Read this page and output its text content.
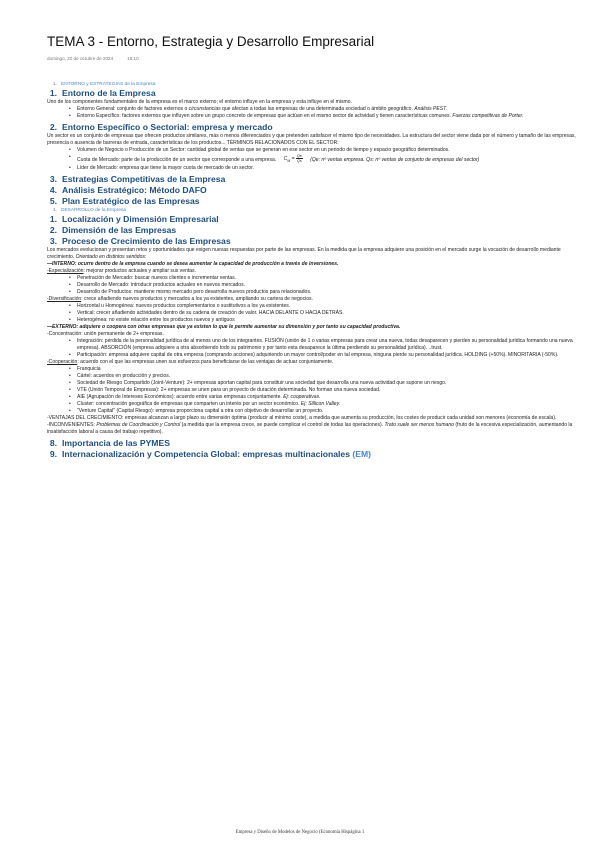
TEMA 3 - Entorno, Estrategia y Desarrollo Empresarial
domingo, 20 de octubre de 2024	15:10

1. ENTORNO y ESTRATEGIAS de la Empresa

1. Entorno de la Empresa

Uno de los componentes fundamentales de la empresa es el marco externo; el entorno influye en la empresa y esta influye en el mismo.

• Entorno General: conjunto de factores externos o circunstancias que afectan a todas las empresas de una determinada sociedad o ámbito geográfico. Análisis PEST.

• Entorno Específico: factores externos que influyen sobre un grupo concreto de empresas que actúan en el mismo sector de actividad y tienen características comunes. Fuerzas competitivas de Porter.

2. Entorno Específico o Sectorial: empresa y mercado

Un sector es un conjunto de empresas que ofrecen productos similares, más o menos diferenciados y que pretenden satisfacer el mismo tipo de necesidades. La estructura del sector viene dada por el número y tamaño de las empresas, presencia o ausencia de barreras de entrada, características de los productos... TÉRMINOS RELACIONADOS CON EL SECTOR:

• Volumen de Negocio o Producción de un Sector: cantidad global de ventas que se generan en ese sector en un periodo de tiempo y espacio geográfico determinados.

• Cuota de Mercado: parte de la producción de un sector que corresponde a una empresa. $C_M = \frac{Qe}{Qs} (Qe$: nº ventas empresa. Qs: nº ventas de conjunto de empresas del sector)

• Líder de Mercado: empresa que tiene la mayor cuota de mercado de un sector.

3. Estrategias Competitivas de la Empresa
4. Análisis Estratégico: Método DAFO
5. Plan Estratégico de las Empresas

1. DESARROLLO de la Empresa

1. Localización y Dimensión Empresarial
2. Dimensión de las Empresas
3. Proceso de Crecimiento de las Empresas

Los mercados evolucionan y presentan retos y oportunidades que exigen nuevas respuestas por parte de las empresas. En la medida que la empresa adquiere una posición en el mercado surge la vocación de desarrollo mediante crecimiento. Orientado en distintos sentidos:

—INTERNO: ocurre dentro de la empresa cuando se desea aumentar la capacidad de producción a través de inversiones.

-Especialización: mejorar productos actuales y ampliar sus ventas.

• Penetración de Mercado: buscar nuevos clientes e incrementar ventas.

• Desarrollo de Mercado: introducir productos actuales en nuevos mercados.

• Desarrollo de Productos: mantiene mismo mercado pero desarrolla nuevos productos para relacionados.

-Diversificación: crece añadiendo nuevos productos y mercados a los ya existentes, ampliando su cartera de negocios.

• Horizontal u Homogénea: nuevos productos complementarios o sustitutivos a los ya existentes.

• Vertical: crecer añadiendo actividades dentro de su cadena de creación de valor. HACIA DELANTE O HACIA DETRÁS.

• Heterogénea: no existe relación entre los productos nuevos y antiguos

—EXTERNO: adquiere o coopera con otras empresas que ya existen lo que le permite aumentar su dimensión y por tanto su capacidad productiva.

-Concentración: unión permanente de 2+ empresas.

• Integración: pérdida de la personalidad jurídica de al menos uno de los integrantes. FUSIÓN (unión de 1 o varias empresas para crear una nueva, todas desaparecen y pierden su personalidad jurídica formando una nueva empresa). ABSORCIÓN (empresa adquiere a otra absorbiendo todo su patrimonio y por tanto esta desaparece la última perdiendo su personalidad jurídica). ..trust.

• Participación: empresa adquiere capital de otra empresa (comprando acciones) adquiriendo un mayor control/poder en tal empresa, ninguna pierde su personalidad jurídica. HOLDING (+50%). MINORITARIA (-50%).

-Cooperación: acuerdo con el que las empresas unen sus esfuerzos para beneficiarse de las ventajas de actuar conjuntamente.

• Franquicia

• Cártel: acuerdos en producción y precios.

• Sociedad de Riesgo Compartido (Joint-Venture): 2+ empresas aportan capital para constituir una sociedad que desarrolla una nueva actividad que supone un riesgo.

• VTE (Unión Temporal de Empresas): 2+ empresas se unen para un proyecto de duración determinada. No forman una nueva sociedad.

• AIE (Agrupación de Intereses Económicos): acuerdo entre varias empresas conjuntamente. Ej: cooperativas.

• Cluster: concentración geográfica de empresas que comparten un interés por un sector económico. Ej: Sillicon Valley.

• "Venture Capital" (Capital Riesgo): empresa proporciona capital a otra con objetivo de desarrollar un proyecto.

-VENTAJAS DEL CRECIMIENTO: empresas alcanzan a largo plazo su dimensión óptima (producir al mínimo coste), a medida que aumenta su producción, los costes de producir cada unidad son menores (economía de escala).

-INCONVENIENTES: Problemas de Coordinación y Control (a medida que la empresa crece, se puede complicar el control de todas las operaciones). Trato suele ser menos humano (fruto de la excesiva especialización, aumentando la insatisfacción laboral a causa del trabajo repetitivo).

8. Importancia de las PYMES
9. Internacionalización y Competencia Global: empresas multinacionales (EM)
Empresa y Diseño de Modelos de Negocio (Economía Hispágina 1
